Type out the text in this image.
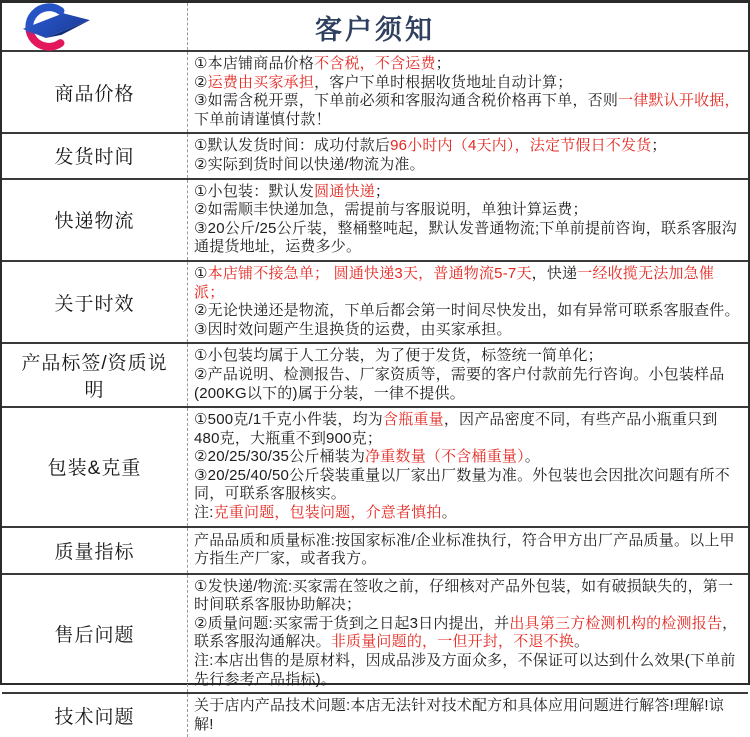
客户须知
商品价格

①本店铺商品价格不含税，不含运费；

②运费由买家承担，客户下单时根据收货地址自动计算；

③如需含税开票，下单前必须和客服沟通含税价格再下单，否则一律默认开收据，下单前请谨慎付款！

发货时间

①默认发货时间：成功付款后96小时内（4天内），法定节假日不发货；

②实际到货时间以快递/物流为准。

快递物流

①小包装：默认发圆通快递；

②如需顺丰快递加急，需提前与客服说明，单独计算运费；

③20公斤/25公斤装，整桶整吨起，默认发普通物流;下单前提前咨询，联系客服沟通提货地址，运费多少。

关于时效

①本店铺不接急单； 圆通快递3天，普通物流5-7天，快递一经收揽无法加急催派；

②无论快递还是物流，下单后都会第一时间尽快发出，如有异常可联系客服查件。

③因时效问题产生退换货的运费，由买家承担。

产品标签/资质说明

①小包装均属于人工分装，为了便于发货，标签统一简单化；

②产品说明、检测报告、厂家资质等，需要的客户付款前先行咨询。小包装样品(200KG以下的)属于分装，一律不提供。

包装&克重

①500克/1千克小件装，均为含瓶重量，因产品密度不同，有些产品小瓶重只到480克，大瓶重不到900克；

②20/25/30/35公斤桶装为净重数量（不含桶重量）。

③20/25/40/50公斤袋装重量以厂家出厂数量为准。外包装也会因批次问题有所不同，可联系客服核实。

注:克重问题，包装问题，介意者慎拍。

质量指标

产品品质和质量标准:按国家标准/企业标准执行，符合甲方出厂产品质量。以上甲方指生产厂家，或者我方。

售后问题

①发快递/物流:买家需在签收之前，仔细核对产品外包装，如有破损缺失的，第一时间联系客服协助解决；

②质量问题:买家需于货到之日起3日内提出，并出具第三方检测机构的检测报告，联系客服沟通解决。非质量问题的，一但开封，不退不换。

注:本店出售的是原材料，因成品涉及方面众多，不保证可以达到什么效果(下单前先行参考产品指标)。

技术问题

关于店内产品技术问题:本店无法针对技术配方和具体应用问题进行解答!理解!谅解!
